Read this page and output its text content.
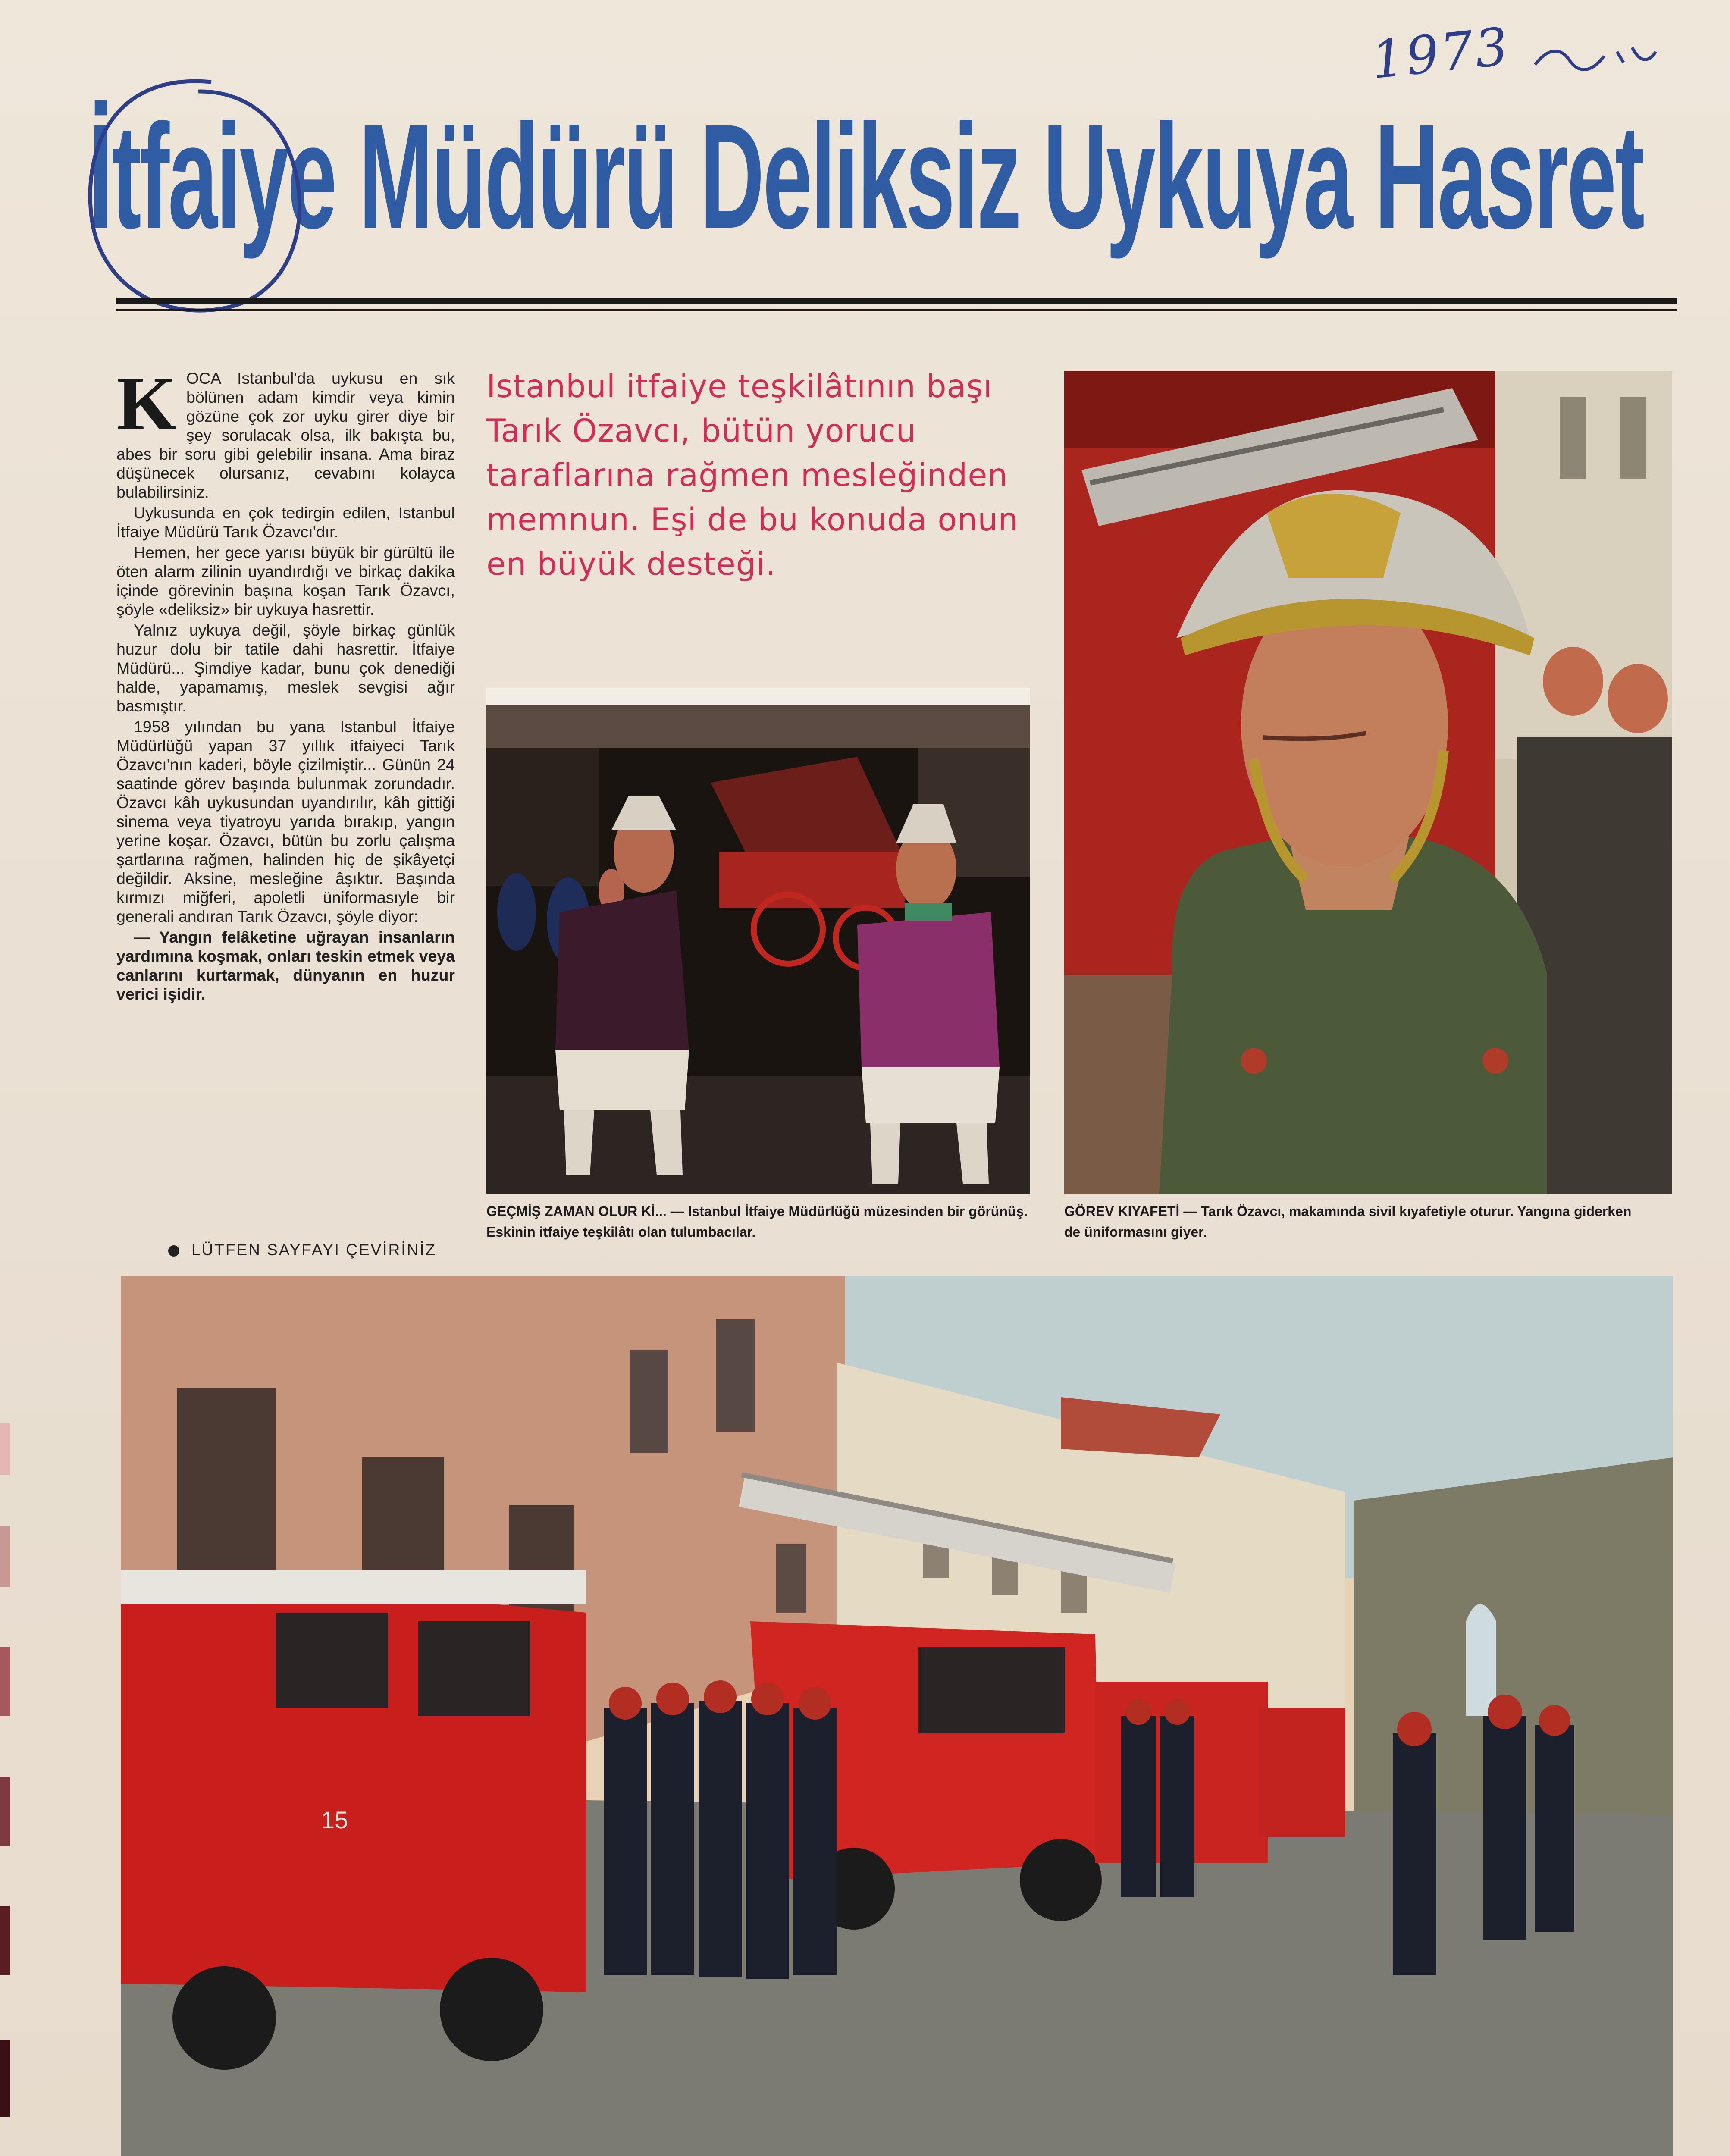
1973
İtfaiye Müdürü Deliksiz Uykuya Hasret

KOCA Istanbul'da uykusu en sık bölünen adam kimdir veya kimin gözüne çok zor uyku girer diye bir şey sorulacak olsa, ilk bakışta bu, abes bir soru gibi gelebilir insana. Ama biraz düşünecek olursanız, cevabını kolayca bulabilirsiniz.

Uykusunda en çok tedirgin edilen, Istanbul İtfaiye Müdürü Tarık Özavcı'dır.

Hemen, her gece yarısı büyük bir gürültü ile öten alarm zilinin uyandırdığı ve birkaç dakika içinde görevinin başına koşan Tarık Özavcı, şöyle «deliksiz» bir uykuya hasrettir.

Yalnız uykuya değil, şöyle birkaç günlük huzur dolu bir tatile dahi hasrettir. İtfaiye Müdürü... Şimdiye kadar, bunu çok denediği halde, yapamamış, meslek sevgisi ağır basmıştır.

1958 yılından bu yana Istanbul İtfaiye Müdürlüğü yapan 37 yıllık itfaiyeci Tarık Özavcı'nın kaderi, böyle çizilmiştir... Günün 24 saatinde görev başında bulunmak zorundadır. Özavcı kâh uykusundan uyandırılır, kâh gittiği sinema veya tiyatroyu yarıda bırakıp, yangın yerine koşar. Özavcı, bütün bu zorlu çalışma şartlarına rağmen, halinden hiç de şikâyetçi değildir. Aksine, mesleğine âşıktır. Başında kırmızı miğferi, apoletli üniformasıyle bir generali andıran Tarık Özavcı, şöyle diyor:

— Yangın felâketine uğrayan insanların yardımına koşmak, onları teskin etmek veya canlarını kurtarmak, dünyanın en huzur verici işidir.

LÜTFEN SAYFAYI ÇEVİRİNİZ
Istanbul itfaiye teşkilâtının başı Tarık Özavcı, bütün yorucu taraflarına rağmen mesleğinden memnun. Eşi de bu konuda onun en büyük desteği.
GEÇMİŞ ZAMAN OLUR Kİ... — Istanbul İtfaiye Müdürlüğü müzesinden bir görünüş. Eskinin itfaiye teşkilâtı olan tulumbacılar.
GÖREV KIYAFETİ — Tarık Özavcı, makamında sivil kıyafetiyle oturur. Yangına giderken de üniformasını giyer.
15
